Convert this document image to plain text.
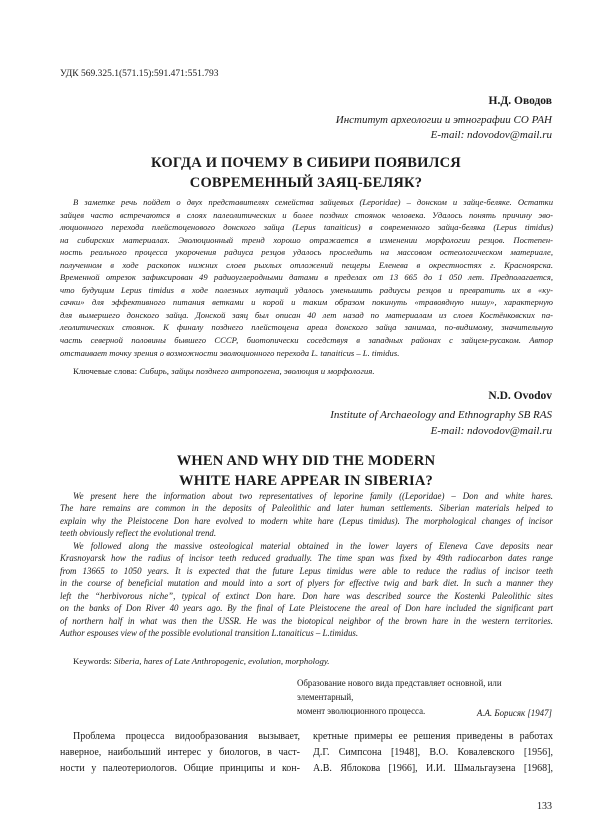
УДК 569.325.1(571.15):591.471:551.793
Н.Д. Оводов
Институт археологии и этнографии СО РАН
E-mail: ndovodov@mail.ru
КОГДА И ПОЧЕМУ В СИБИРИ ПОЯВИЛСЯ
СОВРЕМЕННЫЙ ЗАЯЦ-БЕЛЯК?
В заметке речь пойдет о двух представителях семейства зайцевых (Leporidae) – донском и зайце-беляке. Остатки
зайцев часто встречаются в слоях палеолитических и более поздних стоянок человека. Удалось понять причину эво-
люционного перехода плейстоценового донского зайца (Lepus tanaiticus) в современного зайца-беляка (Lepus timidus)
на сибирских материалах. Эволюционный тренд хорошо отражается в изменении морфологии резцов. Постепен-
ность реального процесса укорочения радиуса резцов удалось проследить на массовом остеологическом материале,
полученном в ходе раскопок нижних слоев рыхлых отложений пещеры Еленева в окрестностях г. Красноярска.
Временной отрезок зафиксирован 49 радиоуглеродными датами в пределах от 13 665 до 1 050 лет. Предполагается,
что будущим Lepus timidus в ходе полезных мутаций удалось уменьшить радиусы резцов и превратить их в «ку-
сачки» для эффективного питания ветками и корой и таким образом покинуть «травоядную нишу», характерную
для вымершего донского зайца. Донской заяц был описан 40 лет назад по материалам из слоев Костёнковских па-
леолитических стоянок. К финалу позднего плейстоцена ареал донского зайца занимал, по-видимому, значительную
часть северной половины бывшего СССР, биотопически соседствуя в западных районах с зайцем-русаком. Автор
отстаивает точку зрения о возможности эволюционного перехода L. tanaiticus – L. timidus.
Ключевые слова: Сибирь, зайцы позднего антропогена, эволюция и морфология.
N.D. Ovodov
Institute of Archaeology and Ethnography SB RAS
E-mail: ndovodov@mail.ru
WHEN AND WHY DID THE MODERN
WHITE HARE APPEAR IN SIBERIA?
We present here the information about two representatives of leporine family ((Leporidae) – Don and white hares.
The hare remains are common in the deposits of Paleolithic and later human settlements. Siberian materials helped to
explain why the Pleistocene Don hare evolved to modern white hare (Lepus timidus). The morphological changes of incisor
teeth obviously reflect the evolutional trend.
We followed along the massive osteological material obtained in the lower layers of Eleneva Cave deposits near
Krasnoyarsk how the radius of incisor teeth reduced gradually. The time span was fixed by 49th radiocarbon dates range
from 13665 to 1050 years. It is expected that the future Lepus timidus were able to reduce the radius of incisor teeth
in the course of beneficial mutation and mould into a sort of plyers for effective twig and bark diet. In such a manner they
left the “herbivorous niche”, typical of extinct Don hare. Don hare was described source the Kostenki Paleolithic sites
on the banks of Don River 40 years ago. By the final of Late Pleistocene the areal of Don hare included the significant part
of northern half in what was then the USSR. He was the biotopical neighbor of the brown hare in the western territories.
Author espouses view of the possible evolutional transition L.tanaiticus – L.timidus.
Keywords: Siberia, hares of Late Anthropogenic, evolution, morphology.
Образование нового вида представляет основной, или элементарный,
момент эволюционного процесса.	А.А. Борисяк [1947]
Проблема процесса видообразования вызывает,
наверное, наибольший интерес у биологов, в част-
ности у палеотериологов. Общие принципы и кон-
кретные примеры ее решения приведены в работах
Д.Г. Симпсона [1948], В.О. Ковалевского [1956],
А.В. Яблокова [1966], И.И. Шмальгаузена [1968],
133
